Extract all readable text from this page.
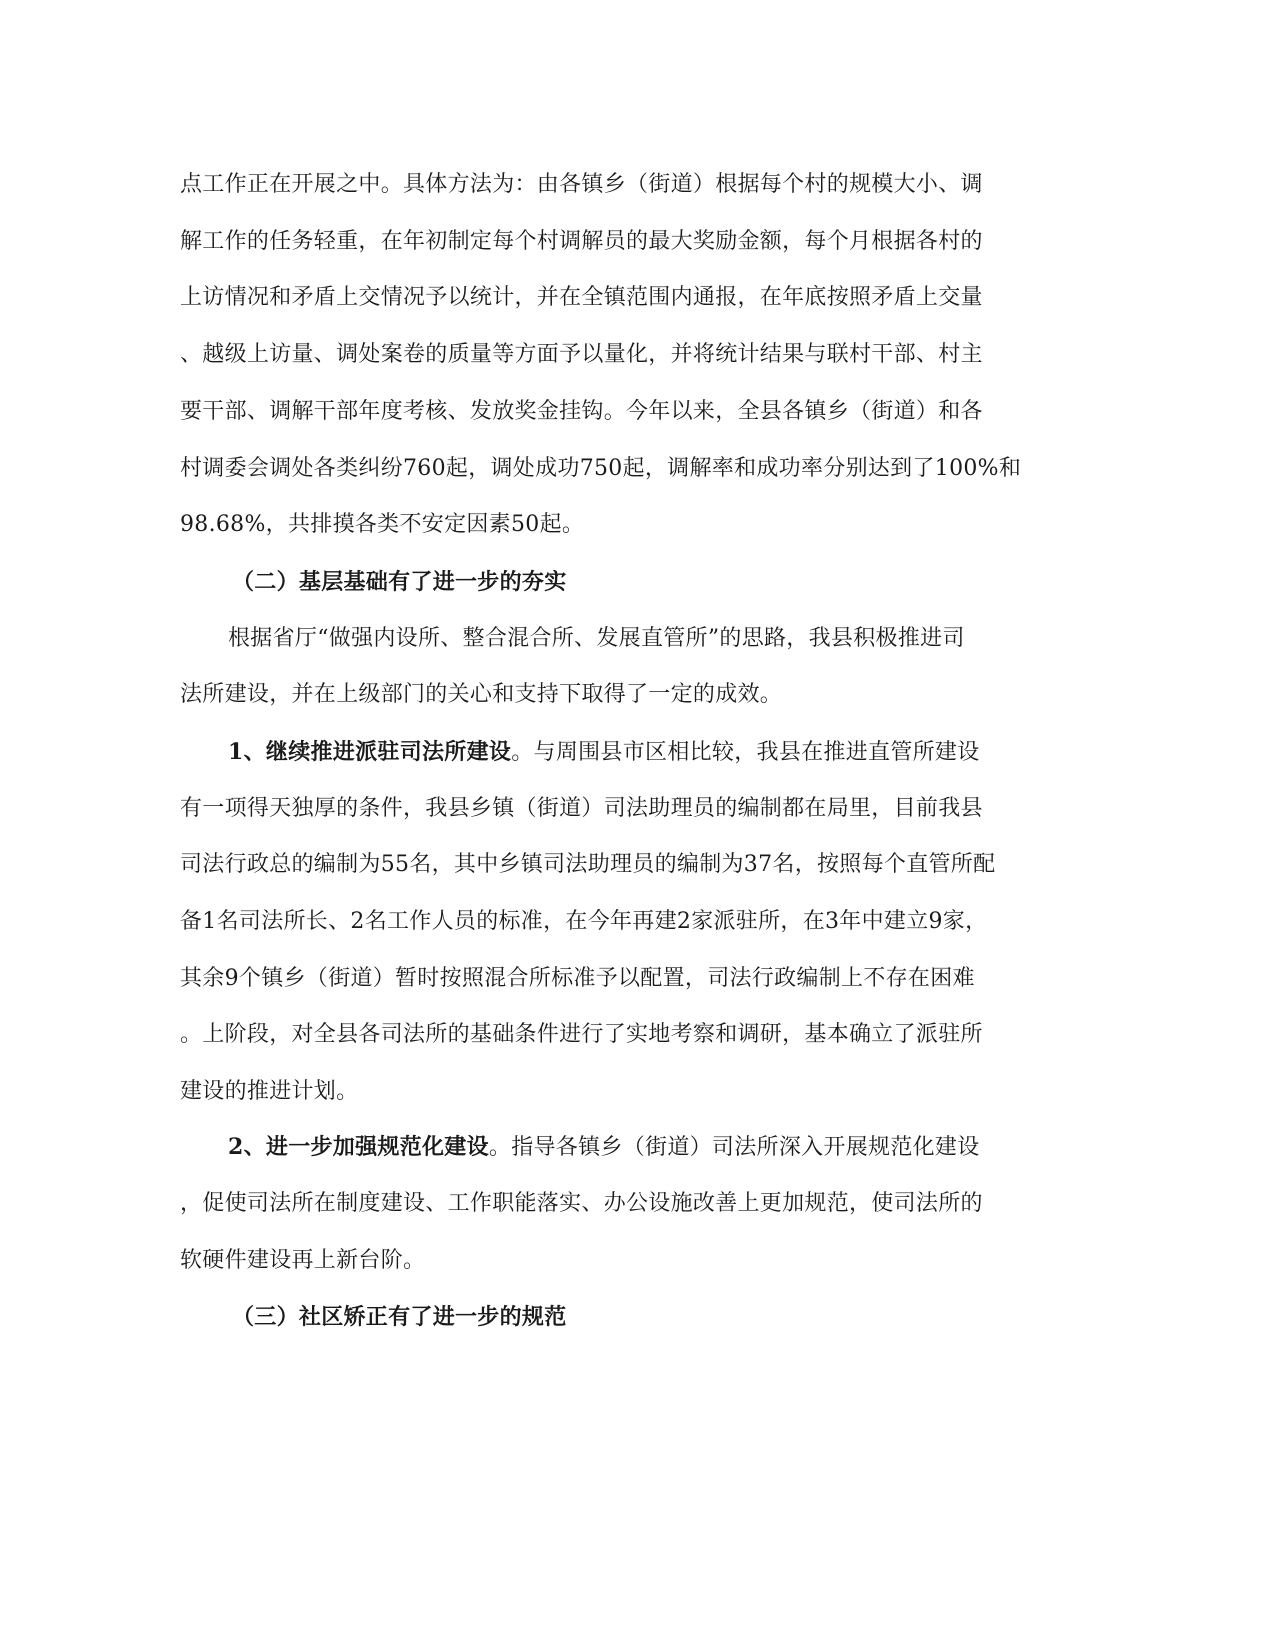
点工作正在开展之中。具体方法为：由各镇乡（街道）根据每个村的规模大小、调
解工作的任务轻重，在年初制定每个村调解员的最大奖励金额，每个月根据各村的
上访情况和矛盾上交情况予以统计，并在全镇范围内通报，在年底按照矛盾上交量
、越级上访量、调处案卷的质量等方面予以量化，并将统计结果与联村干部、村主
要干部、调解干部年度考核、发放奖金挂钩。今年以来，全县各镇乡（街道）和各
村调委会调处各类纠纷760起，调处成功750起，调解率和成功率分别达到了100%和
98.68%，共排摸各类不安定因素50起。
（二）基层基础有了进一步的夯实
根据省厅“做强内设所、整合混合所、发展直管所”的思路，我县积极推进司
法所建设，并在上级部门的关心和支持下取得了一定的成效。
1、继续推进派驻司法所建设。与周围县市区相比较，我县在推进直管所建设
有一项得天独厚的条件，我县乡镇（街道）司法助理员的编制都在局里，目前我县
司法行政总的编制为55名，其中乡镇司法助理员的编制为37名，按照每个直管所配
备1名司法所长、2名工作人员的标准，在今年再建2家派驻所，在3年中建立9家，
其余9个镇乡（街道）暂时按照混合所标准予以配置，司法行政编制上不存在困难
。上阶段，对全县各司法所的基础条件进行了实地考察和调研，基本确立了派驻所
建设的推进计划。
2、进一步加强规范化建设。指导各镇乡（街道）司法所深入开展规范化建设
，促使司法所在制度建设、工作职能落实、办公设施改善上更加规范，使司法所的
软硬件建设再上新台阶。
（三）社区矫正有了进一步的规范
